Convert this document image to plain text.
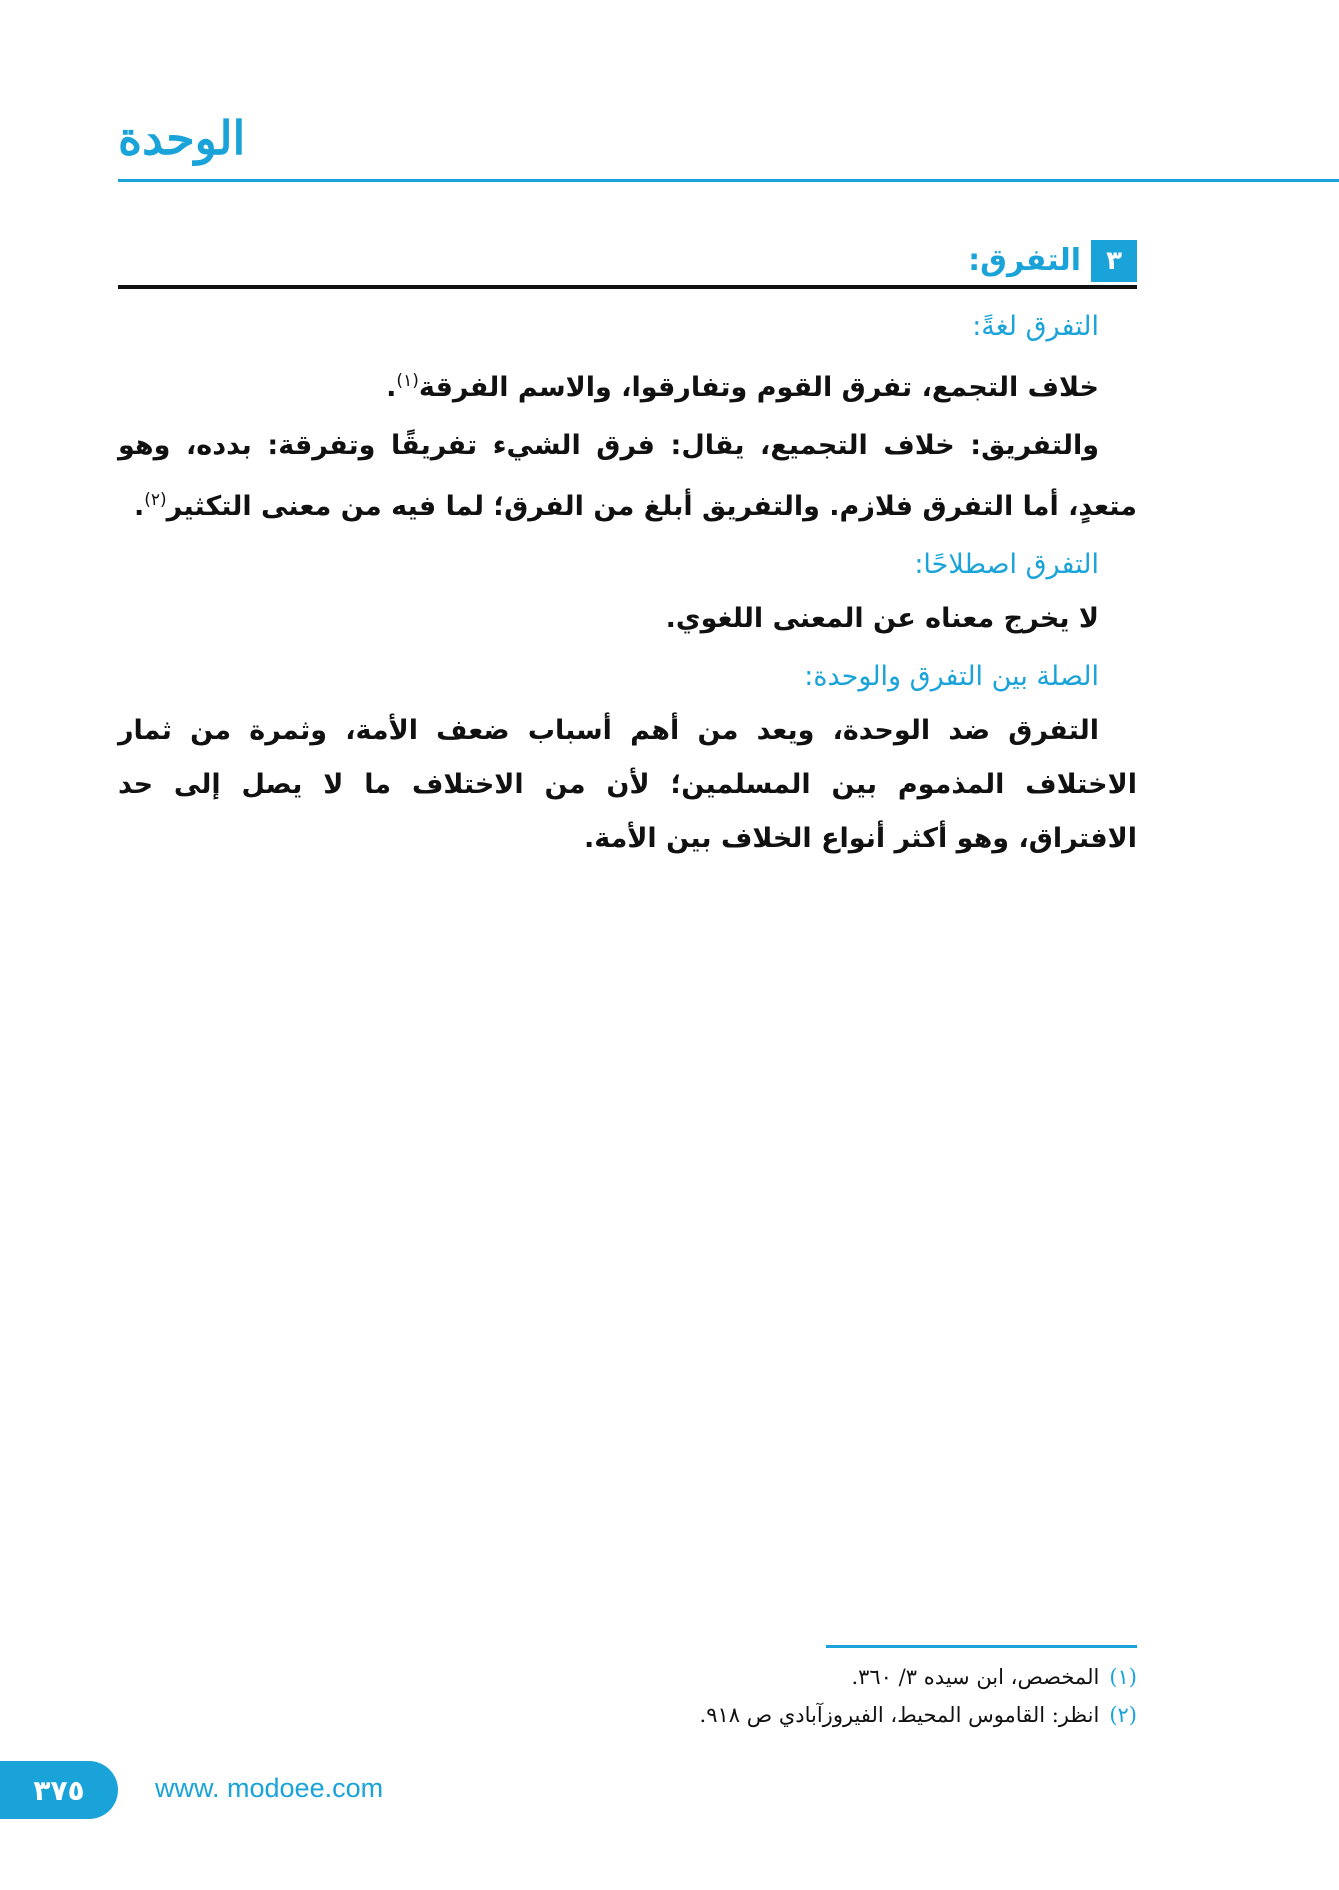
الوحدة
٣
التفرق:

التفرق لغةً:

خلاف التجمع، تفرق القوم وتفارقوا، والاسم الفرقة$^{(١)}$.

والتفريق: خلاف التجميع، يقال: فرق الشيء تفريقًا وتفرقة: بدده، وهو متعدٍ، أما التفرق فلازم. والتفريق أبلغ من الفرق؛ لما فيه من معنى التكثير$^{(٢)}$.

التفرق اصطلاحًا:

لا يخرج معناه عن المعنى اللغوي.

الصلة بين التفرق والوحدة:

التفرق ضد الوحدة، ويعد من أهم أسباب ضعف الأمة، وثمرة من ثمار الاختلاف المذموم بين المسلمين؛ لأن من الاختلاف ما لا يصل إلى حد الافتراق، وهو أكثر أنواع الخلاف بين الأمة.

(١)
المخصص، ابن سيده ٣/ ٣٦٠.
(٢)
انظر: القاموس المحيط، الفيروزآبادي ص ٩١٨.
٣٧٥	www. modoee.com
